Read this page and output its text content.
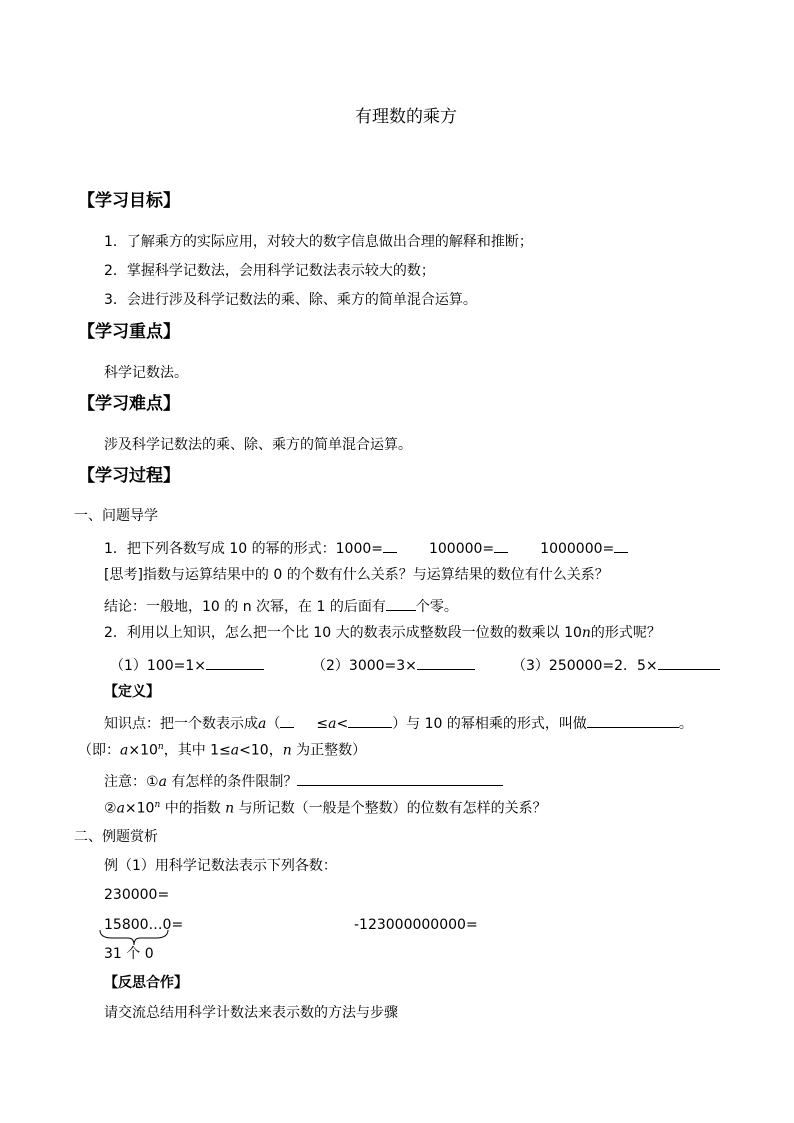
有理数的乘方
【学习目标】
1．了解乘方的实际应用，对较大的数字信息做出合理的解释和推断；
2．掌握科学记数法，会用科学记数法表示较大的数；
3．会进行涉及科学记数法的乘、除、乘方的简单混合运算。
【学习重点】
科学记数法。
【学习难点】
涉及科学记数法的乘、除、乘方的简单混合运算。
【学习过程】
一、问题导学
1．把下列各数写成 10 的幂的形式：1000=	100000=	1000000=
[思考]指数与运算结果中的 0 的个数有什么关系？与运算结果的数位有什么关系？
结论：一般地，10 的 n 次幂，在 1 的后面有 个零。
2．利用以上知识，怎么把一个比 10 大的数表示成整数段一位数的数乘以 10n的形式呢？
（1）100=1×	（2）3000=3×	（3）250000=2．5×
【定义】
知识点：把一个数表示成a（	≤a<	）与 10 的幂相乘的形式，叫做	。
（即：$a\times 10^n$，其中 1≤a<10，n 为正整数）
注意：①a 有怎样的条件限制？
$②a\times 10^n$ 中的指数 n 与所记数（一般是个整数）的位数有怎样的关系？
二、例题赏析
例（1）用科学记数法表示下列各数：
230000=
15800…0=	-123000000000=
31 个 0
【反思合作】
请交流总结用科学计数法来表示数的方法与步骤
